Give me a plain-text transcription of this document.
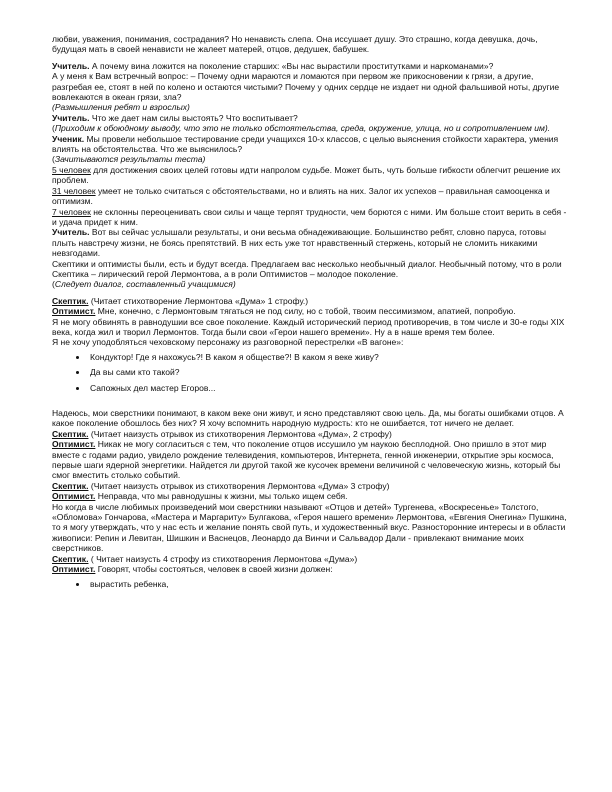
любви, уважения, понимания, сострадания? Но ненависть слепа. Она иссушает душу. Это страшно, когда девушка, дочь, будущая мать в своей ненависти не жалеет матерей, отцов, дедушек, бабушек.

Учитель. А почему вина ложится на поколение старших: «Вы нас вырастили проститутками и наркоманами»?

А у меня к Вам встречный вопрос: – Почему одни мараются и ломаются при первом же прикосновении к грязи, а другие, разгребая ее, стоят в ней по колено и остаются чистыми? Почему у одних сердце не издает ни одной фальшивой ноты, другие вовлекаются в океан грязи, зла?

(Размышления ребят и взрослых)

Учитель. Что же дает нам силы выстоять? Что воспитывает?

(Приходим к обоюдному выводу, что это не только обстоятельства, среда, окружение, улица, но и сопротивлением им).

Ученик. Мы провели небольшое тестирование среди учащихся 10-х классов, с целью выяснения стойкости характера, умения влиять на обстоятельства. Что же выяснилось?

(Зачитываются результаты теста)

5 человек для достижения своих целей готовы идти напролом судьбе. Может быть, чуть больше гибкости облегчит решение их проблем.

31 человек умеет не только считаться с обстоятельствами, но и влиять на них. Залог их успехов – правильная самооценка и оптимизм.

7 человек не склонны переоценивать свои силы и чаще терпят трудности, чем борются с ними. Им больше стоит верить в себя - и удача придет к ним.

Учитель. Вот вы сейчас услышали результаты, и они весьма обнадеживающие. Большинство ребят, словно паруса, готовы плыть навстречу жизни, не боясь препятствий. В них есть уже тот нравственный стержень, который не сломить никакими невзгодами.

Скептики и оптимисты были, есть и будут всегда. Предлагаем вас несколько необычный диалог. Необычный потому, что в роли Скептика – лирический герой Лермонтова, а в роли Оптимистов – молодое поколение.

(Следует диалог, составленный учащимися)

Скептик. (Читает стихотворение Лермонтова «Дума» 1 строфу.)

Оптимист. Мне, конечно, с Лермонтовым тягаться не под силу, но с тобой, твоим пессимизмом, апатией, попробую.

Я не могу обвинять в равнодушии все свое поколение. Каждый исторический период противоречив, в том числе и 30-е годы XIX века, когда жил и творил Лермонтов. Тогда были свои «Герои нашего времени». Ну а в наше время тем более.

Я не хочу уподобляться чеховскому персонажу из разговорной перестрелки «В вагоне»:

• Кондуктор! Где я нахожусь?! В каком я обществе?! В каком я веке живу?
• Да вы сами кто такой?
• Сапожных дел мастер Егоров...

Надеюсь, мои сверстники понимают, в каком веке они живут, и ясно представляют свою цель. Да, мы богаты ошибками отцов. А какое поколение обошлось без них? Я хочу вспомнить народную мудрость: кто не ошибается, тот ничего не делает.

Скептик. (Читает наизусть отрывок из стихотворения Лермонтова «Дума», 2 строфу)

Оптимист. Никак не могу согласиться с тем, что поколение отцов иссушило ум наукою бесплодной. Оно пришло в этот мир вместе с годами радио, увидело рождение телевидения, компьютеров, Интернета, генной инженерии, открытие эры космоса, первые шаги ядерной энергетики. Найдется ли другой такой же кусочек времени величиной с человеческую жизнь, который бы смог вместить столько событий.

Скептик. (Читает наизусть отрывок из стихотворения Лермонтова «Дума» 3 строфу)

Оптимист. Неправда, что мы равнодушны к жизни, мы только ищем себя.

Но когда в числе любимых произведений мои сверстники называют «Отцов и детей» Тургенева, «Воскресенье» Толстого, «Обломова» Гончарова, «Мастера и Маргариту» Булгакова, «Героя нашего времени» Лермонтова, «Евгения Онегина» Пушкина, то я могу утверждать, что у нас есть и желание понять свой путь, и художественный вкус. Разносторонние интересы и в области живописи: Репин и Левитан, Шишкин и Васнецов, Леонардо да Винчи и Сальвадор Дали - привлекают внимание моих сверстников.

Скептик. ( Читает наизусть 4 строфу из стихотворения Лермонтова «Дума»)

Оптимист. Говорят, чтобы состояться, человек в своей жизни должен:

• вырастить ребенка,
